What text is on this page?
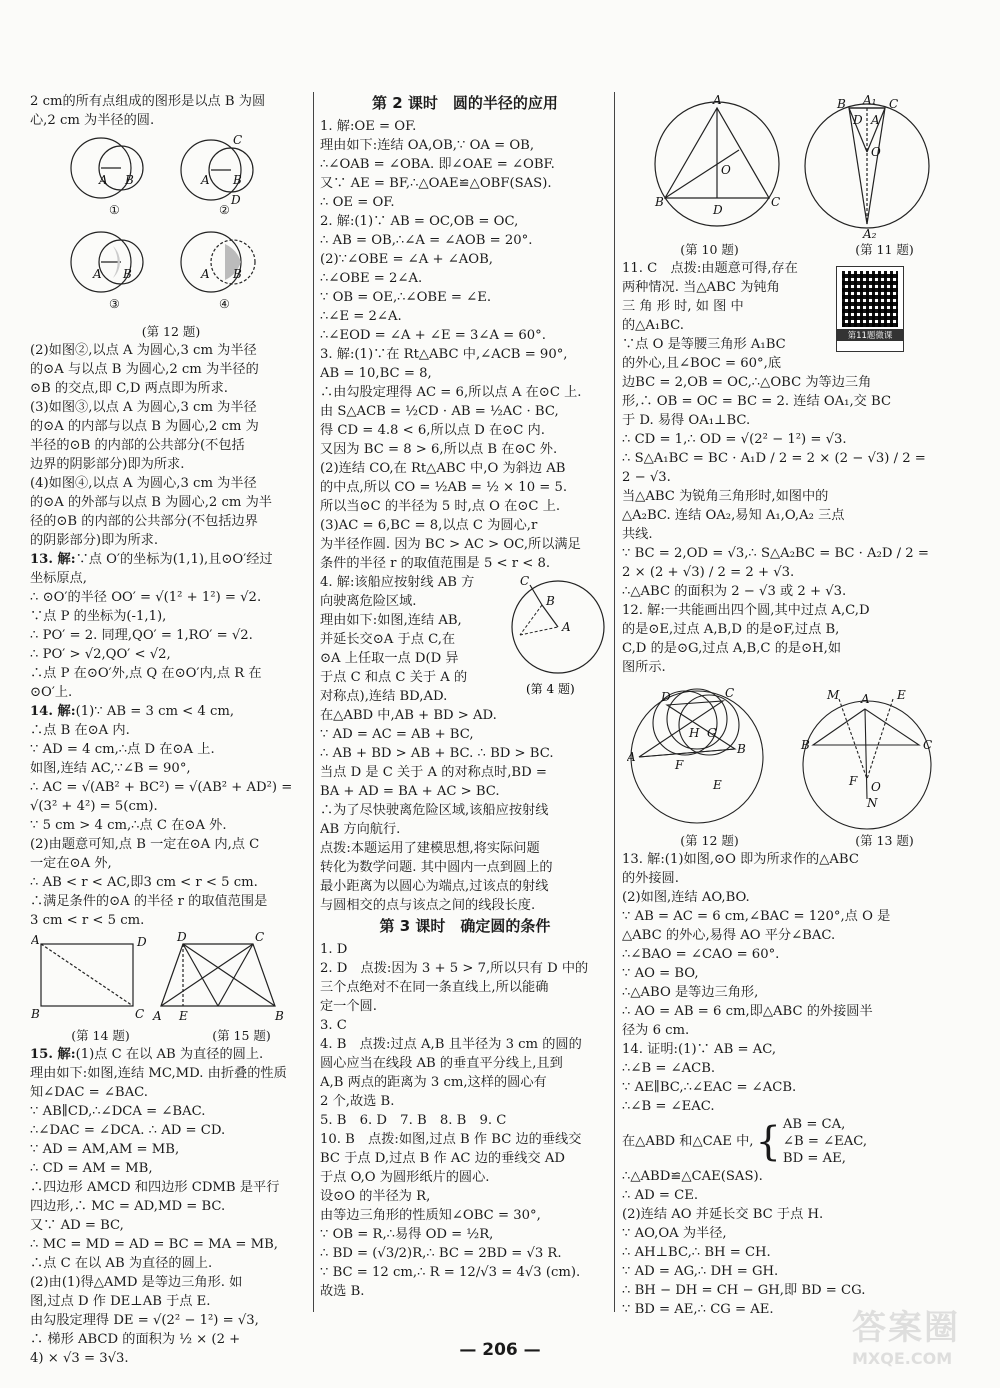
2 cm的所有点组成的图形是以点 B 为圆
心,2 cm 为半径的圆.
A B
C
D
A B
A B	A B
①	②
③	④
(第 12 题)
(2)如图②,以点 A 为圆心,3 cm 为半径
的⊙A 与以点 B 为圆心,2 cm 为半径的
⊙B 的交点,即 C,D 两点即为所求.
(3)如图③,以点 A 为圆心,3 cm 为半径
的⊙A 的内部与以点 B 为圆心,2 cm 为
半径的⊙B 的内部的公共部分(不包括
边界的阴影部分)即为所求.
(4)如图④,以点 A 为圆心,3 cm 为半径
的⊙A 的外部与以点 B 为圆心,2 cm 为半
径的⊙B 的内部的公共部分(不包括边界
的阴影部分)即为所求.
13. 解:∵点 O′的坐标为(1,1),且⊙O′经过
坐标原点,
∴ ⊙O′的半径 OO′ = √(1² + 1²) = √2.
∵点 P 的坐标为(-1,1),
∴ PO′ = 2. 同理,QO′ = 1,RO′ = √2.
∴ PO′ > √2,QO′ < √2,
∴点 P 在⊙O′外,点 Q 在⊙O′内,点 R 在
⊙O′上.
14. 解:(1)∵ AB = 3 cm < 4 cm,
∴点 B 在⊙A 内.
∵ AD = 4 cm,∴点 D 在⊙A 上.
如图,连结 AC,∵∠B = 90°,
∴ AC = √(AB² + BC²) = √(AB² + AD²) =
√(3² + 4²) = 5(cm).
∵ 5 cm > 4 cm,∴点 C 在⊙A 外.
(2)由题意可知,点 B 一定在⊙A 内,点 C
一定在⊙A 外,
∴ AB < r < AC,即3 cm < r < 5 cm.
∴满足条件的⊙A 的半径 r 的取值范围是
3 cm < r < 5 cm.
A	D
B	C
D	C
A E	B
(第 14 题)	(第 15 题)
15. 解:(1)点 C 在以 AB 为直径的圆上.
理由如下:如图,连结 MC,MD. 由折叠的性质
知∠DAC = ∠BAC.
∵ AB∥CD,∴∠DCA = ∠BAC.
∴∠DAC = ∠DCA. ∴ AD = CD.
∵ AD = AM,AM = MB,
∴ CD = AM = MB,
∴四边形 AMCD 和四边形 CDMB 是平行
四边形,∴ MC = AD,MD = BC.
又∵ AD = BC,
∴ MC = MD = AD = BC = MA = MB,
∴点 C 在以 AB 为直径的圆上.
(2)由(1)得△AMD 是等边三角形. 如
图,过点 D 作 DE⊥AB 于点 E.
由勾股定理得 DE = √(2² − 1²) = √3,
∴ 梯形 ABCD 的面积为 ½ × (2 +
4) × √3 = 3√3.
第 2 课时　圆的半径的应用
1. 解:OE = OF.
理由如下:连结 OA,OB,∵ OA = OB,
∴∠OAB = ∠OBA. 即∠OAE = ∠OBF.
又∵ AE = BF,∴△OAE≌△OBF(SAS).
∴ OE = OF.
2. 解:(1)∵ AB = OC,OB = OC,
∴ AB = OB,∴∠A = ∠AOB = 20°.
(2)∵∠OBE = ∠A + ∠AOB,
∴∠OBE = 2∠A.
∵ OB = OE,∴∠OBE = ∠E.
∴∠E = 2∠A.
∴∠EOD = ∠A + ∠E = 3∠A = 60°.
3. 解:(1)∵在 Rt△ABC 中,∠ACB = 90°,
AB = 10,BC = 8,
∴由勾股定理得 AC = 6,所以点 A 在⊙C 上.
由 S△ACB = ½CD · AB = ½AC · BC,
得 CD = 4.8 < 6,所以点 D 在⊙C 内.
又因为 BC = 8 > 6,所以点 B 在⊙C 外.
(2)连结 CO,在 Rt△ABC 中,O 为斜边 AB
的中点,所以 CO = ½AB = ½ × 10 = 5.
所以当⊙C 的半径为 5 时,点 O 在⊙C 上.
(3)AC = 6,BC = 8,以点 C 为圆心,r
为半径作圆. 因为 BC > AC > OC,所以满足
条件的半径 r 的取值范围是 5 < r < 8.
C
B
A
(第 4 题)
4. 解:该船应按射线 AB 方
向驶离危险区域.
理由如下:如图,连结 AB,
并延长交⊙A 于点 C,在
⊙A 上任取一点 D(D 异
于点 C 和点 C 关于 A 的
对称点),连结 BD,AD.
在△ABD 中,AB + BD > AD.
∵ AD = AC = AB + BC,
∴ AB + BD > AB + BC. ∴ BD > BC.
当点 D 是 C 关于 A 的对称点时,BD =
BA + AD = BA + AC > BC.
∴为了尽快驶离危险区域,该船应按射线
AB 方向航行.
点拨:本题运用了建模思想,将实际问题
转化为数学问题. 其中圆内一点到圆上的
最小距离为以圆心为端点,过该点的射线
与圆相交的点与该点之间的线段长度.
第 3 课时　确定圆的条件
1. D
2. D　点拨:因为 3 + 5 > 7,所以只有 D 中的
三个点绝对不在同一条直线上,所以能确
定一个圆.
3. C
4. B　点拨:过点 A,B 且半径为 3 cm 的圆的
圆心应当在线段 AB 的垂直平分线上,且到
A,B 两点的距离为 3 cm,这样的圆心有
2 个,故选 B.
5. B　6. D　7. B　8. B　9. C
10. B　点拨:如图,过点 B 作 BC 边的垂线交
BC 于点 D,过点 B 作 AC 边的垂线交 AD
于点 O,O 为圆形纸片的圆心.
设⊙O 的半径为 R,
由等边三角形的性质知∠OBC = 30°,
∵ OB = R,∴易得 OD = ½R,
∴ BD = (√3/2)R,∴ BC = 2BD = √3 R.
∵ BC = 12 cm,∴ R = 12/√3 = 4√3 (cm).
故选 B.
A
O
B
D
C
A₁
D
C
B
O
A
A₂
(第 10 题)	(第 11 题)
11. C　点拨:由题意可得,存在
两种情况. 当△ABC 为钝角
三 角 形 时, 如 图 中
的△A₁BC.
∵点 O 是等腰三角形 A₁BC
的外心,且∠BOC = 60°,底
边BC = 2,OB = OC,∴△OBC 为等边三角
形,∴ OB = OC = BC = 2. 连结 OA₁,交 BC
于 D. 易得 OA₁⊥BC.
∴ CD = 1,∴ OD = √(2² − 1²) = √3.
∴ S△A₁BC = BC · A₁D / 2 = 2 × (2 − √3) / 2 =
2 − √3.
当△ABC 为锐角三角形时,如图中的
△A₂BC. 连结 OA₂,易知 A₁,O,A₂ 三点
共线.
∵ BC = 2,OD = √3,∴ S△A₂BC = BC · A₂D / 2 =
2 × (2 + √3) / 2 = 2 + √3.
∴△ABC 的面积为 2 − √3 或 2 + √3.
12. 解:一共能画出四个圆,其中过点 A,C,D
的是⊙E,过点 A,B,D 的是⊙F,过点 B,
C,D 的是⊙G,过点 A,B,C 的是⊙H,如
图所示.
D	C
H G
A
B
F
E
M A E
B	C
F O
N
(第 12 题)	(第 13 题)
13. 解:(1)如图,⊙O 即为所求作的△ABC
的外接圆.
(2)如图,连结 AO,BO.
∵ AB = AC = 6 cm,∠BAC = 120°,点 O 是
△ABC 的外心,易得 AO 平分∠BAC.
∴∠BAO = ∠CAO = 60°.
∵ AO = BO,
∴△ABO 是等边三角形,
∴ AO = AB = 6 cm,即△ABC 的外接圆半
径为 6 cm.
14. 证明:(1)∵ AB = AC,
∴∠B = ∠ACB.
∵ AE∥BC,∴∠EAC = ∠ACB.
∴∠B = ∠EAC.
在△ABD 和△CAE 中, { AB = CA,
∠B = ∠EAC,
BD = AE,
∴△ABD≌△CAE(SAS).
∴ AD = CE.
(2)连结 AO 并延长交 BC 于点 H.
∵ AO,OA 为半径,
∴ AH⊥BC,∴ BH = CH.
∵ AD = AG,∴ DH = GH.
∴ BH − DH = CH − GH,即 BD = CG.
∵ BD = AE,∴ CG = AE.
第11题微课
— 206 —
答案圈
MXQE.COM
